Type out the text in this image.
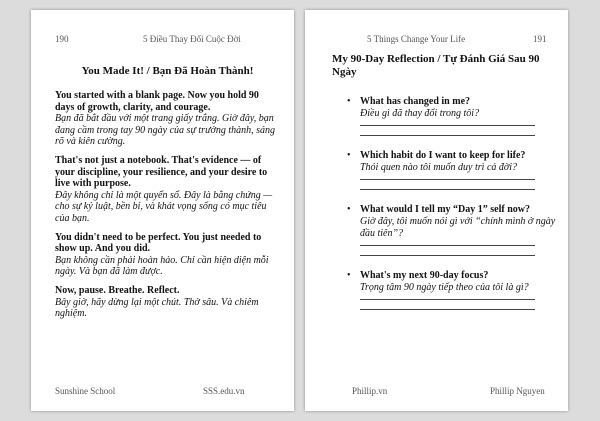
190	5 Điều Thay Đổi Cuộc Đời

You Made It! / Bạn Đã Hoàn Thành!

You started with a blank page. Now you hold 90 days of growth, clarity, and courage.
Bạn đã bắt đầu với một trang giấy trắng. Giờ đây, bạn đang cầm trong tay 90 ngày của sự trưởng thành, sáng rõ và kiên cường.

That's not just a notebook. That's evidence — of your discipline, your resilience, and your desire to live with purpose.
Đây không chỉ là một quyển sổ. Đây là bằng chứng — cho sự kỷ luật, bền bỉ, và khát vọng sống có mục tiêu của bạn.

You didn't need to be perfect. You just needed to show up. And you did.
Bạn không cần phải hoàn hảo. Chỉ cần hiện diện mỗi ngày. Và bạn đã làm được.

Now, pause. Breathe. Reflect.
Bây giờ, hãy dừng lại một chút. Thở sâu. Và chiêm nghiệm.

Sunshine School	SSS.edu.vn
5 Things Change Your Life	191

My 90-Day Reflection / Tự Đánh Giá Sau 90 Ngày

• What has changed in me?
Điều gì đã thay đổi trong tôi?
• Which habit do I want to keep for life?
Thói quen nào tôi muốn duy trì cả đời?
• What would I tell my “Day 1” self now?
Giờ đây, tôi muốn nói gì với “chính mình ở ngày đầu tiên”?
• What's my next 90-day focus?
Trọng tâm 90 ngày tiếp theo của tôi là gì?
Phillip.vn	Phillip Nguyen
